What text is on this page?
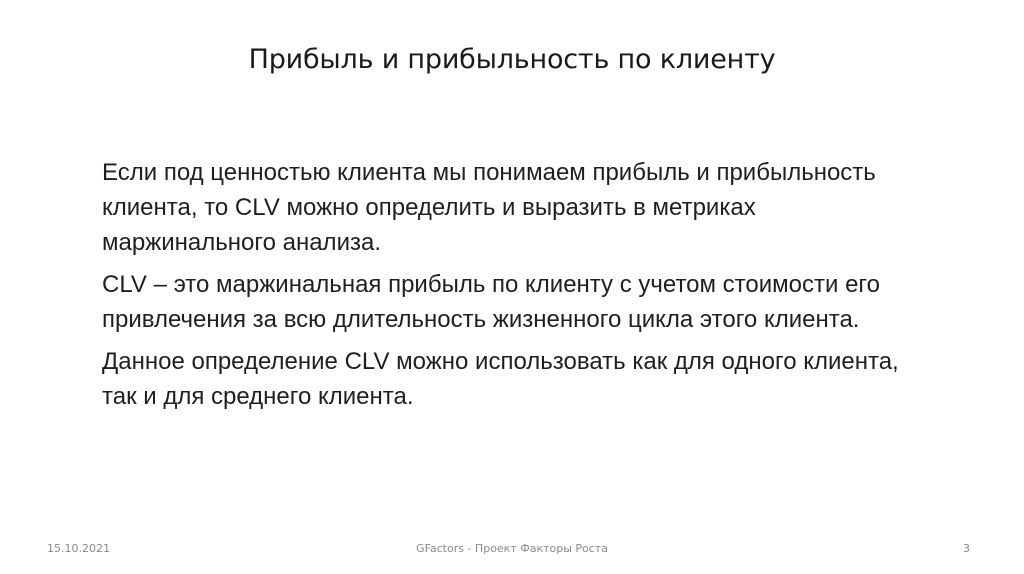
Прибыль и прибыльность по клиенту

Если под ценностью клиента мы понимаем прибыль и прибыльность клиента, то CLV можно определить и выразить в метриках маржинального анализа.

CLV – это маржинальная прибыль по клиенту с учетом стоимости его привлечения за всю длительность жизненного цикла этого клиента.

Данное определение CLV можно использовать как для одного клиента, так и для среднего клиента.

15.10.2021	GFactors - Проект Факторы Роста	3
